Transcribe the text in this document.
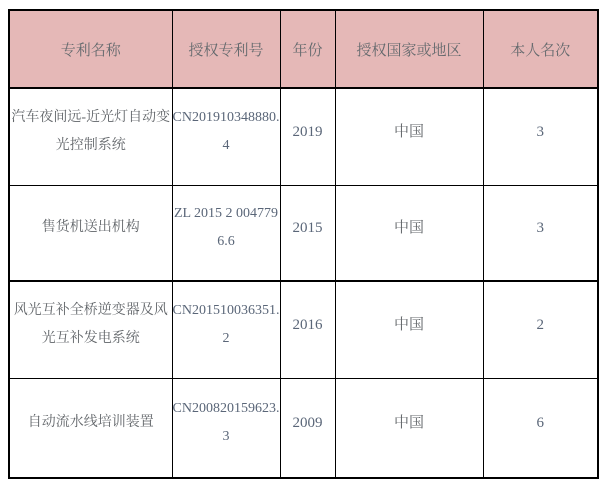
专利名称	授权专利号	年份	授权国家或地区	本人名次
汽车夜间远-近光灯自动变光控制系统	CN201910348880.4	2019	中国	3
售货机送出机构	ZL 2015 2 0047796.6	2015	中国	3
风光互补全桥逆变器及风光互补发电系统	CN201510036351.2	2016	中国	2
自动流水线培训装置	CN200820159623.3	2009	中国	6
